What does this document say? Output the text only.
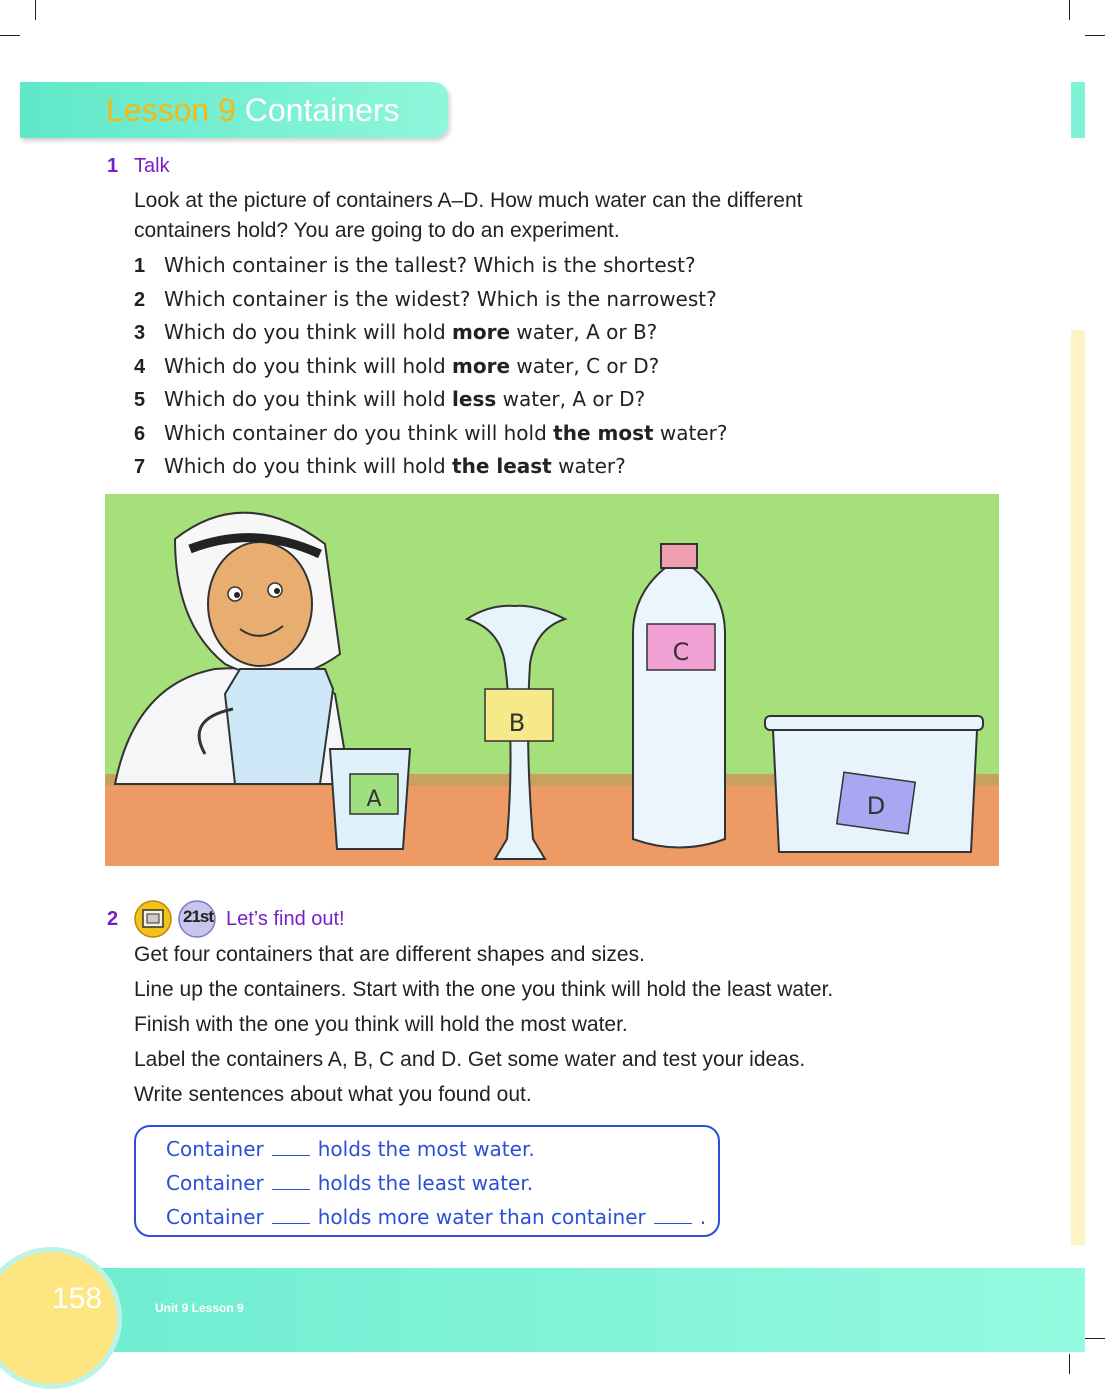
Lesson 9 Containers
1 Talk
Look at the picture of containers A–D. How much water can the different containers hold? You are going to do an experiment.
1 Which container is the tallest? Which is the shortest?
2 Which container is the widest? Which is the narrowest?
3 Which do you think will hold more water, A or B?
4 Which do you think will hold more water, C or D?
5 Which do you think will hold less water, A or D?
6 Which container do you think will hold the most water?
7 Which do you think will hold the least water?
A
B
C
D
2	21st Let’s find out!
Get four containers that are different shapes and sizes.
Line up the containers. Start with the one you think will hold the least water.
Finish with the one you think will hold the most water.
Label the containers A, B, C and D. Get some water and test your ideas.
Write sentences about what you found out.
Container	holds the most water.
Container	holds the least water.
Container	holds more water than container	.
158	Unit 9 Lesson 9
